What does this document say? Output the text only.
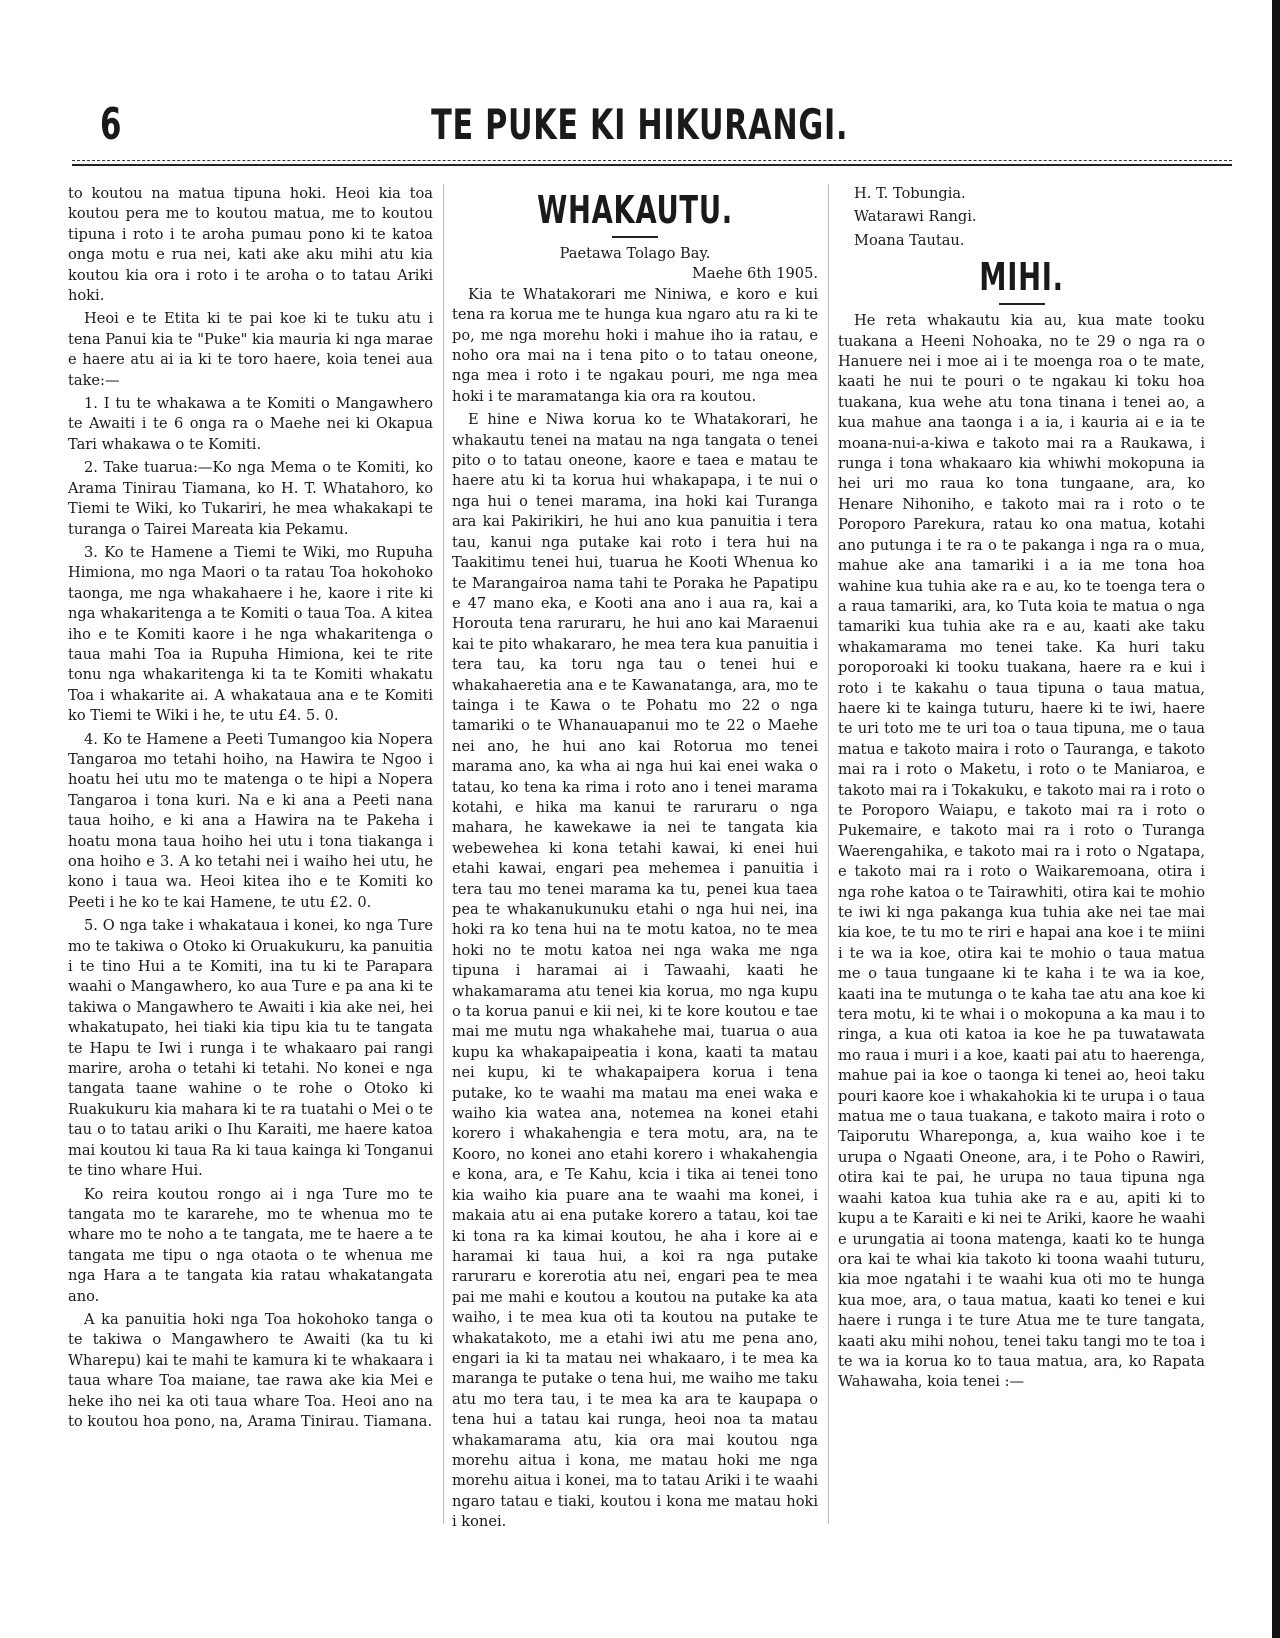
6	TE PUKE KI HIKURANGI.

to koutou na matua tipuna hoki. Heoi kia toa koutou pera me to koutou matua, me to koutou tipuna i roto i te aroha pumau pono ki te katoa onga motu e rua nei, kati ake aku mihi atu kia koutou kia ora i roto i te aroha o to tatau Ariki hoki.

Heoi e te Etita ki te pai koe ki te tuku atu i tena Panui kia te "Puke" kia mauria ki nga marae e haere atu ai ia ki te toro haere, koia tenei aua take:—

1. I tu te whakawa a te Komiti o Mangawhero te Awaiti i te 6 onga ra o Maehe nei ki Okapua Tari whakawa o te Komiti.

2. Take tuarua:—Ko nga Mema o te Komiti, ko Arama Tinirau Tiamana, ko H. T. Whatahoro, ko Tiemi te Wiki, ko Tukariri, he mea whakakapi te turanga o Tairei Mareata kia Pekamu.

3. Ko te Hamene a Tiemi te Wiki, mo Rupuha Himiona, mo nga Maori o ta ratau Toa hokohoko taonga, me nga whakahaere i he, kaore i rite ki nga whakaritenga a te Komiti o taua Toa. A kitea iho e te Komiti kaore i he nga whakaritenga o taua mahi Toa ia Rupuha Himiona, kei te rite tonu nga whakaritenga ki ta te Komiti whakatu Toa i whakarite ai. A whakataua ana e te Komiti ko Tiemi te Wiki i he, te utu £4. 5. 0.

4. Ko te Hamene a Peeti Tumangoo kia Nopera Tangaroa mo tetahi hoiho, na Hawira te Ngoo i hoatu hei utu mo te matenga o te hipi a Nopera Tangaroa i tona kuri. Na e ki ana a Peeti nana taua hoiho, e ki ana a Hawira na te Pakeha i hoatu mona taua hoiho hei utu i tona tiakanga i ona hoiho e 3. A ko tetahi nei i waiho hei utu, he kono i taua wa. Heoi kitea iho e te Komiti ko Peeti i he ko te kai Hamene, te utu £2. 0.

5. O nga take i whakataua i konei, ko nga Ture mo te takiwa o Otoko ki Oruakukuru, ka panuitia i te tino Hui a te Komiti, ina tu ki te Parapara waahi o Mangawhero, ko aua Ture e pa ana ki te takiwa o Mangawhero te Awaiti i kia ake nei, hei whakatupato, hei tiaki kia tipu kia tu te tangata te Hapu te Iwi i runga i te whakaaro pai rangi marire, aroha o tetahi ki tetahi. No konei e nga tangata taane wahine o te rohe o Otoko ki Ruakukuru kia mahara ki te ra tuatahi o Mei o te tau o to tatau ariki o Ihu Karaiti, me haere katoa mai koutou ki taua Ra ki taua kainga ki Tonganui te tino whare Hui.

Ko reira koutou rongo ai i nga Ture mo te tangata mo te kararehe, mo te whenua mo te whare mo te noho a te tangata, me te haere a te tangata me tipu o nga otaota o te whenua me nga Hara a te tangata kia ratau whakatangata ano.

A ka panuitia hoki nga Toa hokohoko tanga o te takiwa o Mangawhero te Awaiti (ka tu ki Wharepu) kai te mahi te kamura ki te whakaara i taua whare Toa maiane, tae rawa ake kia Mei e heke iho nei ka oti taua whare Toa. Heoi ano na to koutou hoa pono, na, Arama Tinirau. Tiamana.

WHAKAUTU.

Paetawa Tolago Bay.

Maehe 6th 1905.

Kia te Whatakorari me Niniwa, e koro e kui tena ra korua me te hunga kua ngaro atu ra ki te po, me nga morehu hoki i mahue iho ia ratau, e noho ora mai na i tena pito o to tatau oneone, nga mea i roto i te ngakau pouri, me nga mea hoki i te maramatanga kia ora ra koutou.

E hine e Niwa korua ko te Whatakorari, he whakautu tenei na matau na nga tangata o tenei pito o to tatau oneone, kaore e taea e matau te haere atu ki ta korua hui whakapapa, i te nui o nga hui o tenei marama, ina hoki kai Turanga ara kai Pakirikiri, he hui ano kua panuitia i tera tau, kanui nga putake kai roto i tera hui na Taakitimu tenei hui, tuarua he Kooti Whenua ko te Marangairoa nama tahi te Poraka he Papatipu e 47 mano eka, e Kooti ana ano i aua ra, kai a Horouta tena raruraru, he hui ano kai Maraenui kai te pito whakararo, he mea tera kua panuitia i tera tau, ka toru nga tau o tenei hui e whakahaeretia ana e te Kawanatanga, ara, mo te tainga i te Kawa o te Pohatu mo 22 o nga tamariki o te Whanauapanui mo te 22 o Maehe nei ano, he hui ano kai Rotorua mo tenei marama ano, ka wha ai nga hui kai enei waka o tatau, ko tena ka rima i roto ano i tenei marama kotahi, e hika ma kanui te raruraru o nga mahara, he kawekawe ia nei te tangata kia webewehea ki kona tetahi kawai, ki enei hui etahi kawai, engari pea mehemea i panuitia i tera tau mo tenei marama ka tu, penei kua taea pea te whakanukunuku etahi o nga hui nei, ina hoki ra ko tena hui na te motu katoa, no te mea hoki no te motu katoa nei nga waka me nga tipuna i haramai ai i Tawaahi, kaati he whakamarama atu tenei kia korua, mo nga kupu o ta korua panui e kii nei, ki te kore koutou e tae mai me mutu nga whakahehe mai, tuarua o aua kupu ka whakapaipeatia i kona, kaati ta matau nei kupu, ki te whakapaipera korua i tena putake, ko te waahi ma matau ma enei waka e waiho kia watea ana, notemea na konei etahi korero i whakahengia e tera motu, ara, na te Kooro, no konei ano etahi korero i whakahengia e kona, ara, e Te Kahu, kcia i tika ai tenei tono kia waiho kia puare ana te waahi ma konei, i makaia atu ai ena putake korero a tatau, koi tae ki tona ra ka kimai koutou, he aha i kore ai e haramai ki taua hui, a koi ra nga putake raruraru e korerotia atu nei, engari pea te mea pai me mahi e koutou a koutou na putake ka ata waiho, i te mea kua oti ta koutou na putake te whakatakoto, me a etahi iwi atu me pena ano, engari ia ki ta matau nei whakaaro, i te mea ka maranga te putake o tena hui, me waiho me taku atu mo tera tau, i te mea ka ara te kaupapa o tena hui a tatau kai runga, heoi noa ta matau whakamarama atu, kia ora mai koutou nga morehu aitua i kona, me matau hoki me nga morehu aitua i konei, ma to tatau Ariki i te waahi ngaro tatau e tiaki, koutou i kona me matau hoki i konei.

H. T. Tobungia.

Watarawi Rangi.

Moana Tautau.

MIHI.

He reta whakautu kia au, kua mate tooku tuakana a Heeni Nohoaka, no te 29 o nga ra o Hanuere nei i moe ai i te moenga roa o te mate, kaati he nui te pouri o te ngakau ki toku hoa tuakana, kua wehe atu tona tinana i tenei ao, a kua mahue ana taonga i a ia, i kauria ai e ia te moana-nui-a-kiwa e takoto mai ra a Raukawa, i runga i tona whakaaro kia whiwhi mokopuna ia hei uri mo raua ko tona tungaane, ara, ko Henare Nihoniho, e takoto mai ra i roto o te Poroporo Parekura, ratau ko ona matua, kotahi ano putunga i te ra o te pakanga i nga ra o mua, mahue ake ana tamariki i a ia me tona hoa wahine kua tuhia ake ra e au, ko te toenga tera o a raua tamariki, ara, ko Tuta koia te matua o nga tamariki kua tuhia ake ra e au, kaati ake taku whakamarama mo tenei take. Ka huri taku poroporoaki ki tooku tuakana, haere ra e kui i roto i te kakahu o taua tipuna o taua matua, haere ki te kainga tuturu, haere ki te iwi, haere te uri toto me te uri toa o taua tipuna, me o taua matua e takoto maira i roto o Tauranga, e takoto mai ra i roto o Maketu, i roto o te Maniaroa, e takoto mai ra i Tokakuku, e takoto mai ra i roto o te Poroporo Waiapu, e takoto mai ra i roto o Pukemaire, e takoto mai ra i roto o Turanga Waerengahika, e takoto mai ra i roto o Ngatapa, e takoto mai ra i roto o Waikaremoana, otira i nga rohe katoa o te Tairawhiti, otira kai te mohio te iwi ki nga pakanga kua tuhia ake nei tae mai kia koe, te tu mo te riri e hapai ana koe i te miini i te wa ia koe, otira kai te mohio o taua matua me o taua tungaane ki te kaha i te wa ia koe, kaati ina te mutunga o te kaha tae atu ana koe ki tera motu, ki te whai i o mokopuna a ka mau i to ringa, a kua oti katoa ia koe he pa tuwatawata mo raua i muri i a koe, kaati pai atu to haerenga, mahue pai ia koe o taonga ki tenei ao, heoi taku pouri kaore koe i whakahokia ki te urupa i o taua matua me o taua tuakana, e takoto maira i roto o Taiporutu Whareponga, a, kua waiho koe i te urupa o Ngaati Oneone, ara, i te Poho o Rawiri, otira kai te pai, he urupa no taua tipuna nga waahi katoa kua tuhia ake ra e au, apiti ki to kupu a te Karaiti e ki nei te Ariki, kaore he waahi e urungatia ai toona matenga, kaati ko te hunga ora kai te whai kia takoto ki toona waahi tuturu, kia moe ngatahi i te waahi kua oti mo te hunga kua moe, ara, o taua matua, kaati ko tenei e kui haere i runga i te ture Atua me te ture tangata, kaati aku mihi nohou, tenei taku tangi mo te toa i te wa ia korua ko to taua matua, ara, ko Rapata Wahawaha, koia tenei :—
